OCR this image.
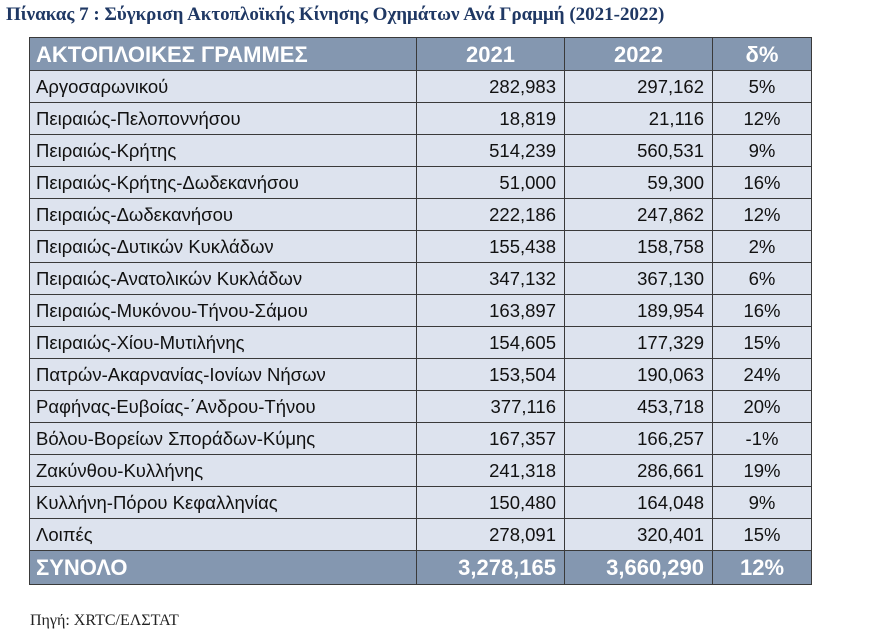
Πίνακας 7 : Σύγκριση Ακτοπλοϊκής Κίνησης Οχημάτων Ανά Γραμμή (2021-2022)
ΑΚΤΟΠΛΟΙΚΕΣ ΓΡΑΜΜΕΣ	2021	2022	δ%
Αργοσαρωνικού	282,983	297,162	5%
Πειραιώς-Πελοποννήσου	18,819	21,116	12%
Πειραιώς-Κρήτης	514,239	560,531	9%
Πειραιώς-Κρήτης-Δωδεκανήσου	51,000	59,300	16%
Πειραιώς-Δωδεκανήσου	222,186	247,862	12%
Πειραιώς-Δυτικών Κυκλάδων	155,438	158,758	2%
Πειραιώς-Ανατολικών Κυκλάδων	347,132	367,130	6%
Πειραιώς-Μυκόνου-Τήνου-Σάμου	163,897	189,954	16%
Πειραιώς-Χίου-Μυτιλήνης	154,605	177,329	15%
Πατρών-Ακαρνανίας-Ιονίων Νήσων	153,504	190,063	24%
Ραφήνας-Ευβοίας-΄Ανδρου-Τήνου	377,116	453,718	20%
Βόλου-Βορείων Σποράδων-Κύμης	167,357	166,257	-1%
Ζακύνθου-Κυλλήνης	241,318	286,661	19%
Κυλλήνη-Πόρου Κεφαλληνίας	150,480	164,048	9%
Λοιπές	278,091	320,401	15%
ΣΥΝΟΛΟ	3,278,165	3,660,290	12%
Πηγή: XRTC/ΕΛΣΤΑΤ
